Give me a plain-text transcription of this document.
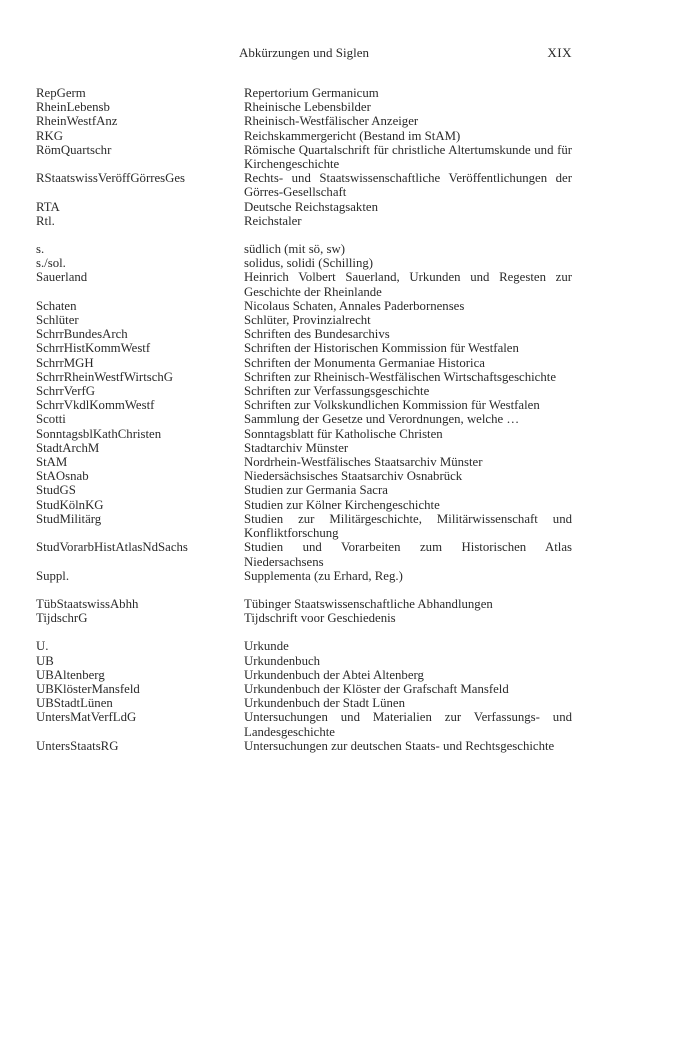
Abkürzungen und Siglen	XIX
RepGerm	Repertorium Germanicum
RheinLebensb	Rheinische Lebensbilder
RheinWestfAnz	Rheinisch-Westfälischer Anzeiger
RKG	Reichskammergericht (Bestand im StAM)
RömQuartschr	Römische Quartalschrift für christliche Altertumskunde und für Kirchengeschichte
RStaatswissVeröffGörresGes	Rechts- und Staatswissenschaftliche Veröffentlichungen der Görres-Gesellschaft
RTA	Deutsche Reichstagsakten
Rtl.	Reichstaler
s.	südlich (mit sö, sw)
s./sol.	solidus, solidi (Schilling)
Sauerland	Heinrich Volbert Sauerland, Urkunden und Regesten zur Geschichte der Rheinlande
Schaten	Nicolaus Schaten, Annales Paderbornenses
Schlüter	Schlüter, Provinzialrecht
SchrrBundesArch	Schriften des Bundesarchivs
SchrrHistKommWestf	Schriften der Historischen Kommission für Westfalen
SchrrMGH	Schriften der Monumenta Germaniae Historica
SchrrRheinWestfWirtschG	Schriften zur Rheinisch-Westfälischen Wirtschaftsgeschichte
SchrrVerfG	Schriften zur Verfassungsgeschichte
SchrrVkdlKommWestf	Schriften zur Volkskundlichen Kommission für Westfalen
Scotti	Sammlung der Gesetze und Verordnungen, welche …
SonntagsblKathChristen	Sonntagsblatt für Katholische Christen
StadtArchM	Stadtarchiv Münster
StAM	Nordrhein-Westfälisches Staatsarchiv Münster
StAOsnab	Niedersächsisches Staatsarchiv Osnabrück
StudGS	Studien zur Germania Sacra
StudKölnKG	Studien zur Kölner Kirchengeschichte
StudMilitärg	Studien zur Militärgeschichte, Militärwissenschaft und Konfliktforschung
StudVorarbHistAtlasNdSachs	Studien und Vorarbeiten zum Historischen Atlas Niedersachsens
Suppl.	Supplementa (zu Erhard, Reg.)
TübStaatswissAbhh	Tübinger Staatswissenschaftliche Abhandlungen
TijdschrG	Tijdschrift voor Geschiedenis
U.	Urkunde
UB	Urkundenbuch
UBAltenberg	Urkundenbuch der Abtei Altenberg
UBKlösterMansfeld	Urkundenbuch der Klöster der Grafschaft Mansfeld
UBStadtLünen	Urkundenbuch der Stadt Lünen
UntersMatVerfLdG	Untersuchungen und Materialien zur Verfassungs- und Landesgeschichte
UntersStaatsRG	Untersuchungen zur deutschen Staats- und Rechtsgeschichte
